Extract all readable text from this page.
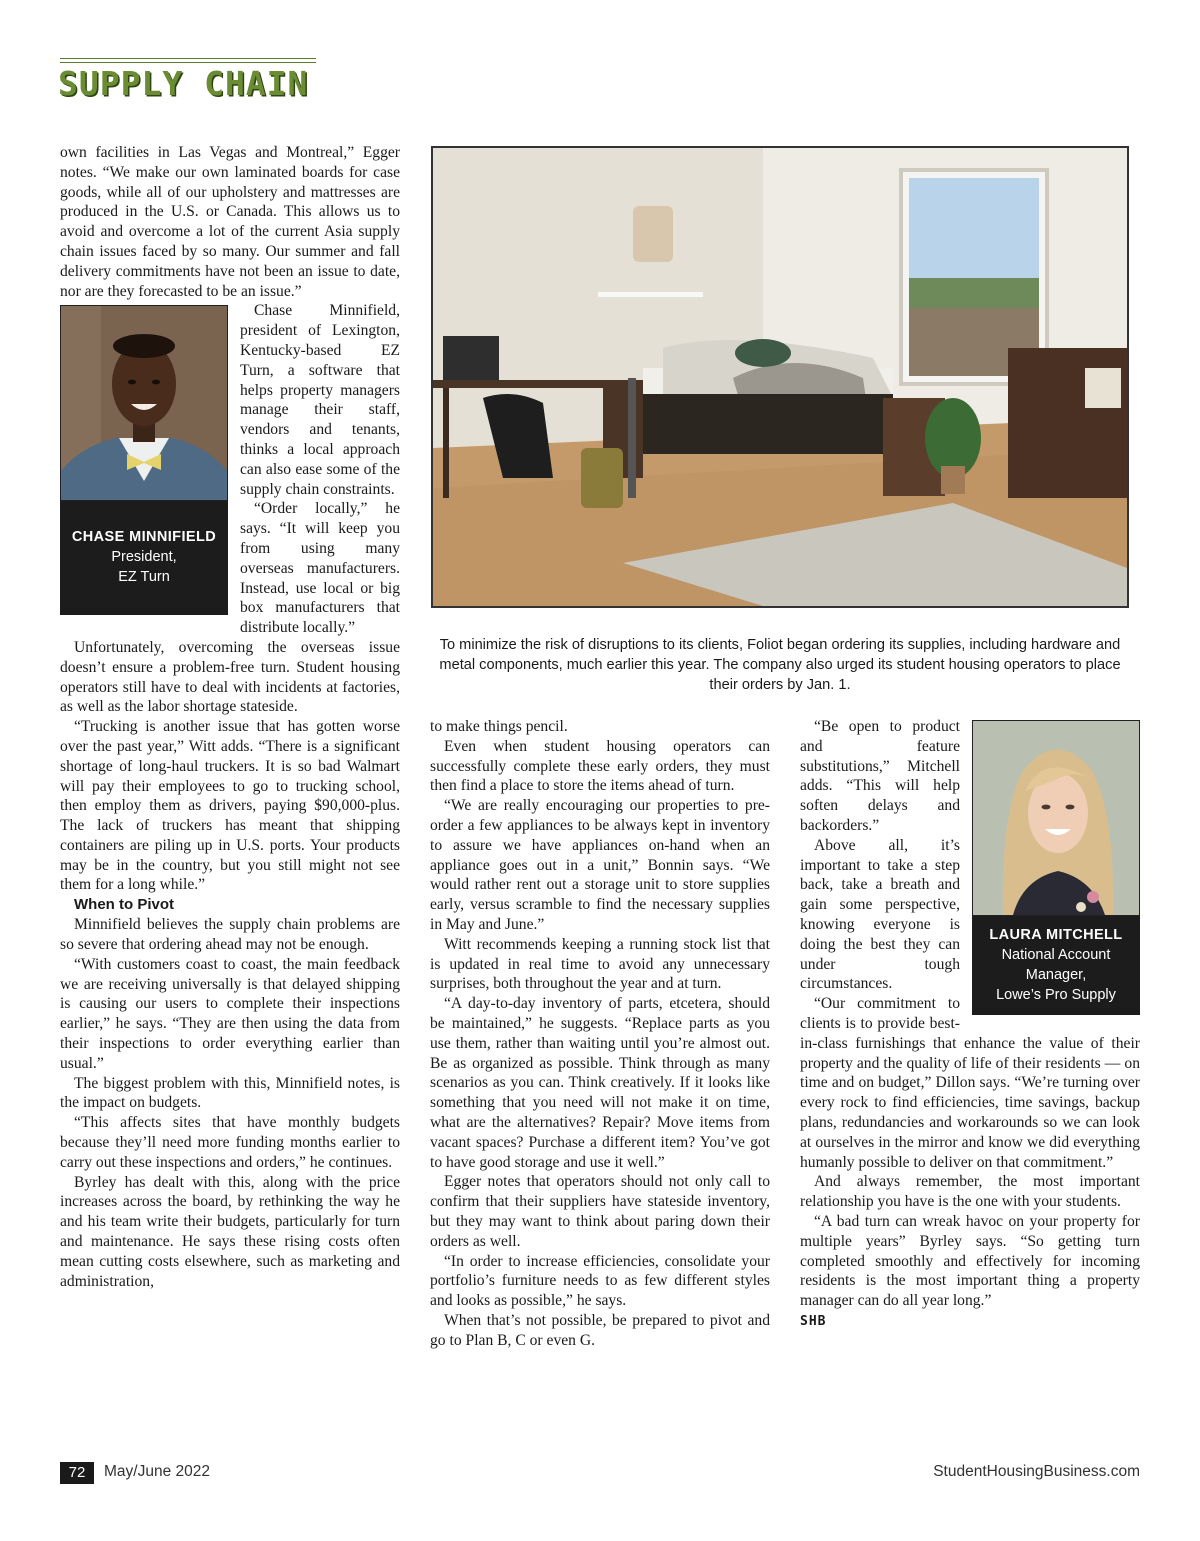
SUPPLY CHAIN

own facilities in Las Vegas and Montreal,” Egger notes. “We make our own laminated boards for case goods, while all of our upholstery and mattresses are produced in the U.S. or Canada. This allows us to avoid and overcome a lot of the current Asia supply chain issues faced by so many. Our summer and fall delivery commitments have not been an issue to date, nor are they forecasted to be an issue.”

CHASE MINNIFIELD
President,
EZ Turn

Chase Minnifield, president of Lexington, Kentucky-based EZ Turn, a software that helps property managers manage their staff, vendors and tenants, thinks a local approach can also ease some of the supply chain constraints.

“Order locally,” he says. “It will keep you from using many overseas manufacturers. Instead, use local or big box manufacturers that distribute locally.”

Unfortunately, overcoming the overseas issue doesn’t ensure a problem-free turn. Student housing operators still have to deal with incidents at factories, as well as the labor shortage stateside.

“Trucking is another issue that has gotten worse over the past year,” Witt adds. “There is a significant shortage of long-haul truckers. It is so bad Walmart will pay their employees to go to trucking school, then employ them as drivers, paying $90,000-plus. The lack of truckers has meant that shipping containers are piling up in U.S. ports. Your products may be in the country, but you still might not see them for a long while.”

When to Pivot

Minnifield believes the supply chain problems are so severe that ordering ahead may not be enough.

“With customers coast to coast, the main feedback we are receiving universally is that delayed shipping is causing our users to complete their inspections earlier,” he says. “They are then using the data from their inspections to order everything earlier than usual.”

The biggest problem with this, Minnifield notes, is the impact on budgets.

“This affects sites that have monthly budgets because they’ll need more funding months earlier to carry out these inspections and orders,” he continues.

Byrley has dealt with this, along with the price increases across the board, by rethinking the way he and his team write their budgets, particularly for turn and maintenance. He says these rising costs often mean cutting costs elsewhere, such as marketing and administration,

To minimize the risk of disruptions to its clients, Foliot began ordering its supplies, including hardware and metal components, much earlier this year. The company also urged its student housing operators to place their orders by Jan. 1.

to make things pencil.

Even when student housing operators can successfully complete these early orders, they must then find a place to store the items ahead of turn.

“We are really encouraging our properties to pre-order a few appliances to be always kept in inventory to assure we have appliances on-hand when an appliance goes out in a unit,” Bonnin says. “We would rather rent out a storage unit to store supplies early, versus scramble to find the necessary supplies in May and June.”

Witt recommends keeping a running stock list that is updated in real time to avoid any unnecessary surprises, both throughout the year and at turn.

“A day-to-day inventory of parts, etcetera, should be maintained,” he suggests. “Replace parts as you use them, rather than waiting until you’re almost out. Be as organized as possible. Think through as many scenarios as you can. Think creatively. If it looks like something that you need will not make it on time, what are the alternatives? Repair? Move items from vacant spaces? Purchase a different item? You’ve got to have good storage and use it well.”

Egger notes that operators should not only call to confirm that their suppliers have stateside inventory, but they may want to think about paring down their orders as well.

“In order to increase efficiencies, consolidate your portfolio’s furniture needs to as few different styles and looks as possible,” he says.

When that’s not possible, be prepared to pivot and go to Plan B, C or even G.

LAURA MITCHELL
National Account Manager,
Lowe’s Pro Supply

“Be open to product and feature substitutions,” Mitchell adds. “This will help soften delays and backorders.”

Above all, it’s important to take a step back, take a breath and gain some perspective, knowing everyone is doing the best they can under tough circumstances.

“Our commitment to clients is to provide best-in-class furnishings that enhance the value of their property and the quality of life of their residents — on time and on budget,” Dillon says. “We’re turning over every rock to find efficiencies, time savings, backup plans, redundancies and workarounds so we can look at ourselves in the mirror and know we did everything humanly possible to deliver on that commitment.”

And always remember, the most important relationship you have is the one with your students.

“A bad turn can wreak havoc on your property for multiple years” Byrley says. “So getting turn completed smoothly and effectively for incoming residents is the most important thing a property manager can do all year long.”

SHB

72	May/June 2022	StudentHousingBusiness.com
